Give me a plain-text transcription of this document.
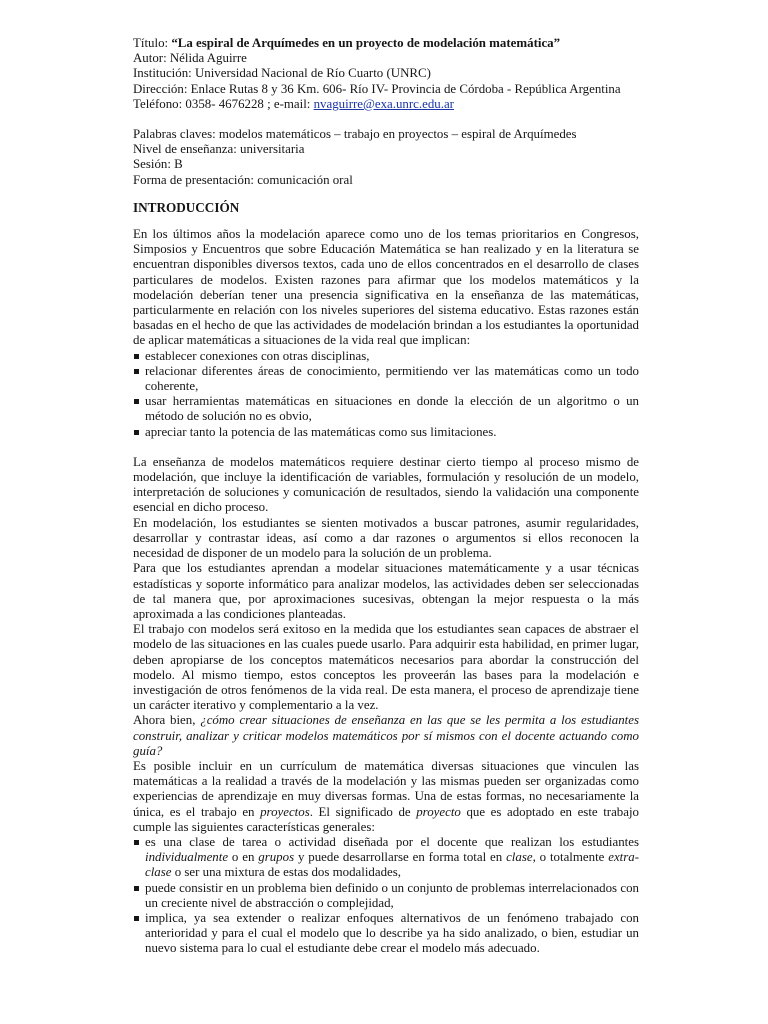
Título: “La espiral de Arquímedes en un proyecto de modelación matemática”

Autor: Nélida Aguirre

Institución: Universidad Nacional de Río Cuarto (UNRC)

Dirección: Enlace Rutas 8 y 36 Km. 606- Río IV- Provincia de Córdoba - República Argentina

Teléfono: 0358- 4676228 ; e-mail: nvaguirre@exa.unrc.edu.ar

Palabras claves: modelos matemáticos – trabajo en proyectos – espiral de Arquímedes

Nivel de enseñanza: universitaria

Sesión: B

Forma de presentación: comunicación oral

INTRODUCCIÓN

En los últimos años la modelación aparece como uno de los temas prioritarios en Congresos, Simposios y Encuentros que sobre Educación Matemática se han realizado y en la literatura se encuentran disponibles diversos textos, cada uno de ellos concentrados en el desarrollo de clases particulares de modelos. Existen razones para afirmar que los modelos matemáticos y la modelación deberían tener una presencia significativa en la enseñanza de las matemáticas, particularmente en relación con los niveles superiores del sistema educativo. Estas razones están basadas en el hecho de que las actividades de modelación brindan a los estudiantes la oportunidad de aplicar matemáticas a situaciones de la vida real que implican:

establecer conexiones con otras disciplinas,
relacionar diferentes áreas de conocimiento, permitiendo ver las matemáticas como un todo coherente,
usar herramientas matemáticas en situaciones en donde la elección de un algoritmo o un método de solución no es obvio,
apreciar tanto la potencia de las matemáticas como sus limitaciones.

La enseñanza de modelos matemáticos requiere destinar cierto tiempo al proceso mismo de modelación, que incluye la identificación de variables, formulación y resolución de un modelo, interpretación de soluciones y comunicación de resultados, siendo la validación una componente esencial en dicho proceso.

En modelación, los estudiantes se sienten motivados a buscar patrones, asumir regularidades, desarrollar y contrastar ideas, así como a dar razones o argumentos si ellos reconocen la necesidad de disponer de un modelo para la solución de un problema.

Para que los estudiantes aprendan a modelar situaciones matemáticamente y a usar técnicas estadísticas y soporte informático para analizar modelos, las actividades deben ser seleccionadas de tal manera que, por aproximaciones sucesivas, obtengan la mejor respuesta o la más aproximada a las condiciones planteadas.

El trabajo con modelos será exitoso en la medida que los estudiantes sean capaces de abstraer el modelo de las situaciones en las cuales puede usarlo. Para adquirir esta habilidad, en primer lugar, deben apropiarse de los conceptos matemáticos necesarios para abordar la construcción del modelo. Al mismo tiempo, estos conceptos les proveerán las bases para la modelación e investigación de otros fenómenos de la vida real. De esta manera, el proceso de aprendizaje tiene un carácter iterativo y complementario a la vez.

Ahora bien, ¿cómo crear situaciones de enseñanza en las que se les permita a los estudiantes construir, analizar y criticar modelos matemáticos por sí mismos con el docente actuando como guía?

Es posible incluir en un currículum de matemática diversas situaciones que vinculen las matemáticas a la realidad a través de la modelación y las mismas pueden ser organizadas como experiencias de aprendizaje en muy diversas formas. Una de estas formas, no necesariamente la única, es el trabajo en proyectos. El significado de proyecto que es adoptado en este trabajo cumple las siguientes características generales:

es una clase de tarea o actividad diseñada por el docente que realizan los estudiantes individualmente o en grupos y puede desarrollarse en forma total en clase, o totalmente extra-clase o ser una mixtura de estas dos modalidades,
puede consistir en un problema bien definido o un conjunto de problemas interrelacionados con un creciente nivel de abstracción o complejidad,
implica, ya sea extender o realizar enfoques alternativos de un fenómeno trabajado con anterioridad y para el cual el modelo que lo describe ya ha sido analizado, o bien, estudiar un nuevo sistema para lo cual el estudiante debe crear el modelo más adecuado.
